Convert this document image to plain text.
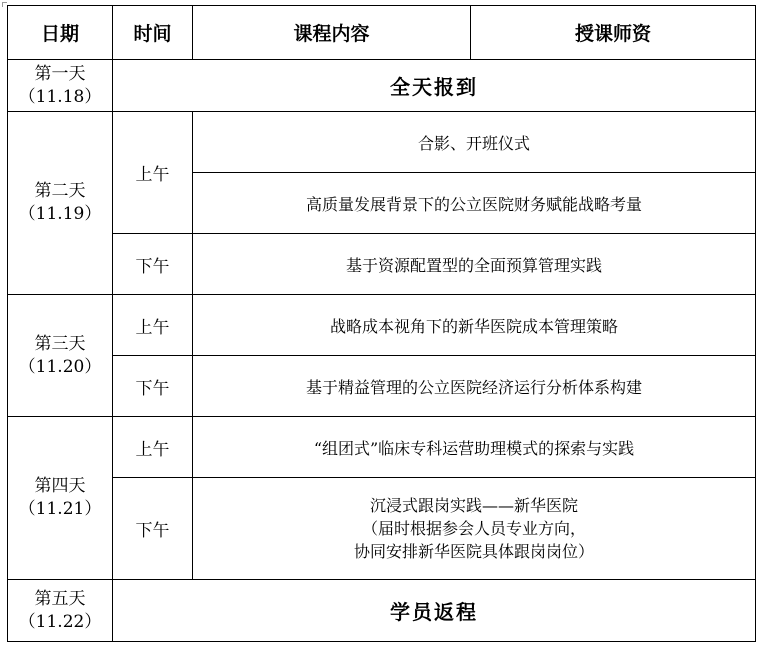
日期	时间	课程内容	授课师资

第一天
（11.18）	全天报到		

第二天
（11.19）	上午	合影、开班仪式	
		高质量发展背景下的公立医院财务赋能战略考量	
	下午	基于资源配置型的全面预算管理实践	

第三天
（11.20）	上午	战略成本视角下的新华医院成本管理策略	
	下午	基于精益管理的公立医院经济运行分析体系构建	

第四天
（11.21）	上午	“组团式”临床专科运营助理模式的探索与实践	
	下午	沉浸式跟岗实践——新华医院
（届时根据参会人员专业方向，
协同安排新华医院具体跟岗岗位）	

第五天
（11.22）	学员返程		
